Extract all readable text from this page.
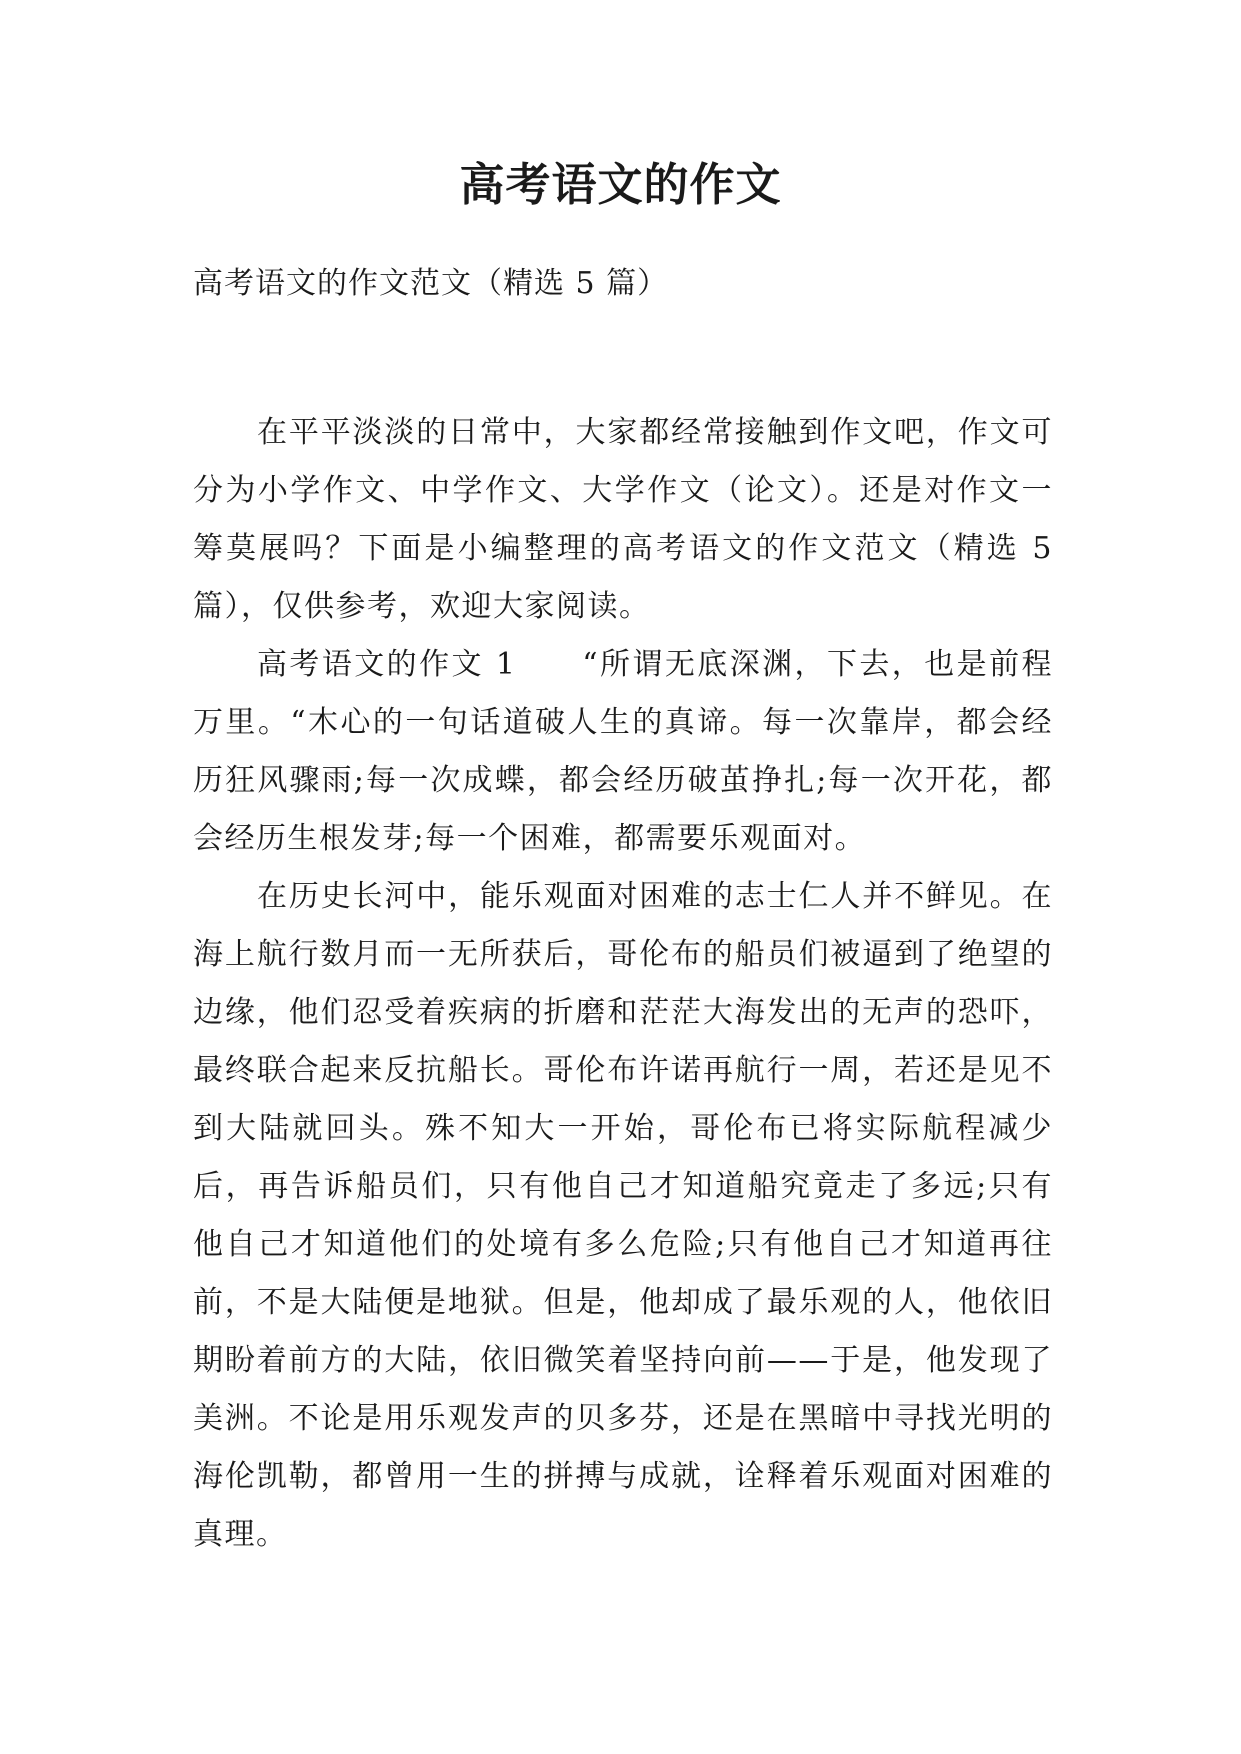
高考语文的作文
高考语文的作文范文（精选 5 篇）

在平平淡淡的日常中，大家都经常接触到作文吧，作文可分为小学作文、中学作文、大学作文（论文）。还是对作文一筹莫展吗？下面是小编整理的高考语文的作文范文（精选 5 篇），仅供参考，欢迎大家阅读。

高考语文的作文 1　　“所谓无底深渊，下去，也是前程万里。“木心的一句话道破人生的真谛。每一次靠岸，都会经历狂风骤雨;每一次成蝶，都会经历破茧挣扎;每一次开花，都会经历生根发芽;每一个困难，都需要乐观面对。

在历史长河中，能乐观面对困难的志士仁人并不鲜见。在海上航行数月而一无所获后，哥伦布的船员们被逼到了绝望的边缘，他们忍受着疾病的折磨和茫茫大海发出的无声的恐吓，最终联合起来反抗船长。哥伦布许诺再航行一周，若还是见不到大陆就回头。殊不知大一开始，哥伦布已将实际航程减少后，再告诉船员们，只有他自己才知道船究竟走了多远;只有他自己才知道他们的处境有多么危险;只有他自己才知道再往前，不是大陆便是地狱。但是，他却成了最乐观的人，他依旧期盼着前方的大陆，依旧微笑着坚持向前——于是，他发现了美洲。不论是用乐观发声的贝多芬，还是在黑暗中寻找光明的海伦凯勒，都曾用一生的拼搏与成就，诠释着乐观面对困难的真理。
